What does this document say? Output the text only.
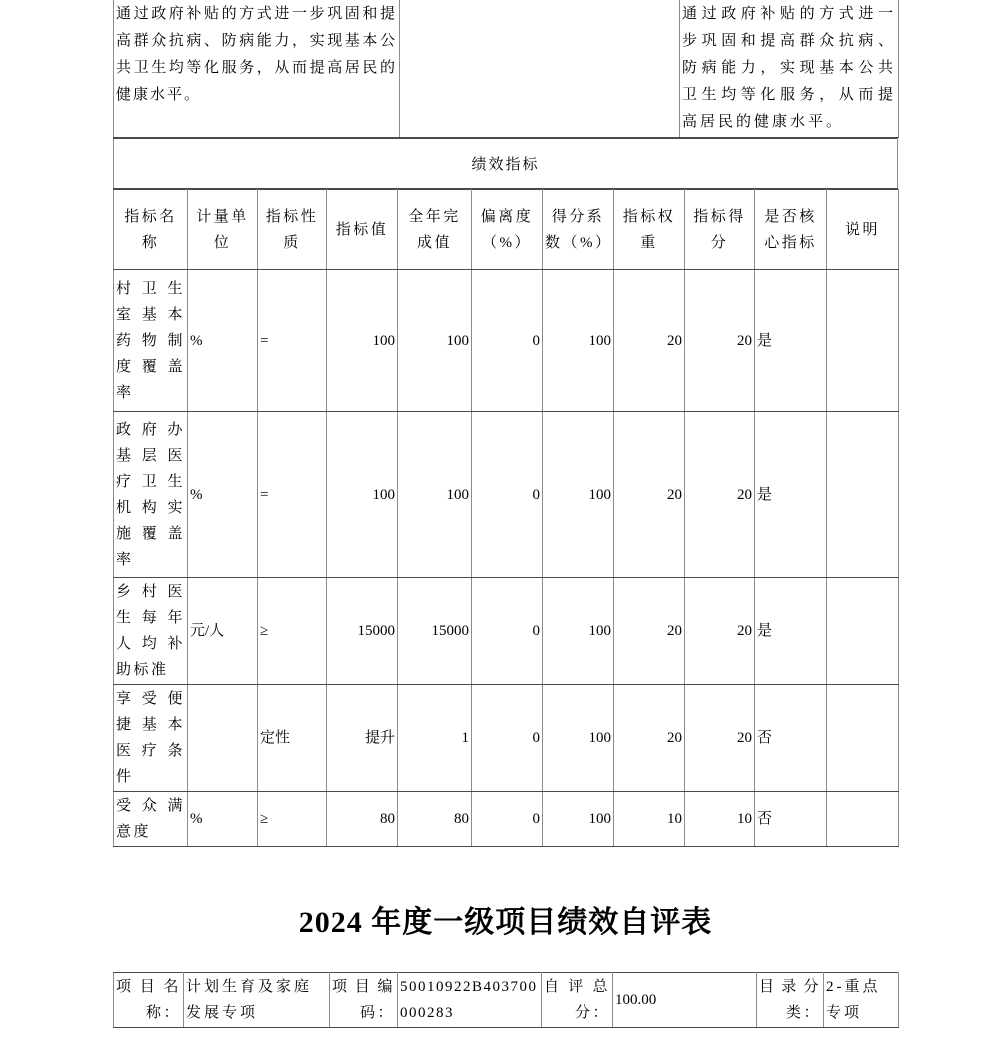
通过政府补贴的方式进一步巩固和提高群众抗病、防病能力，实现基本公共卫生均等化服务，从而提高居民的健康水平。		通过政府补贴的方式进一步巩固和提高群众抗病、防病能力，实现基本公共卫生均等化服务，从而提高居民的健康水平。
绩效指标
指标名称	计量单位	指标性质	指标值	全年完成值	偏离度（%）	得分系数（%）	指标权重	指标得分	是否核心指标	说明
村卫生室基本药物制度覆盖率	%	=	100	100	0	100	20	20	是	
政府办基层医疗卫生机构实施覆盖率	%	=	100	100	0	100	20	20	是	
乡村医生每年人均补助标准	元/人	≥	15000	15000	0	100	20	20	是	
享受便捷基本医疗条件		定性	提升	1	0	100	20	20	否	
受众满意度	%	≥	80	80	0	100	10	10	否	
2024 年度一级项目绩效自评表
项目名称：	计划生育及家庭发展专项	项目编码：	50010922B403700000283	自评总分：	100.00	目录分类：	2-重点专项
